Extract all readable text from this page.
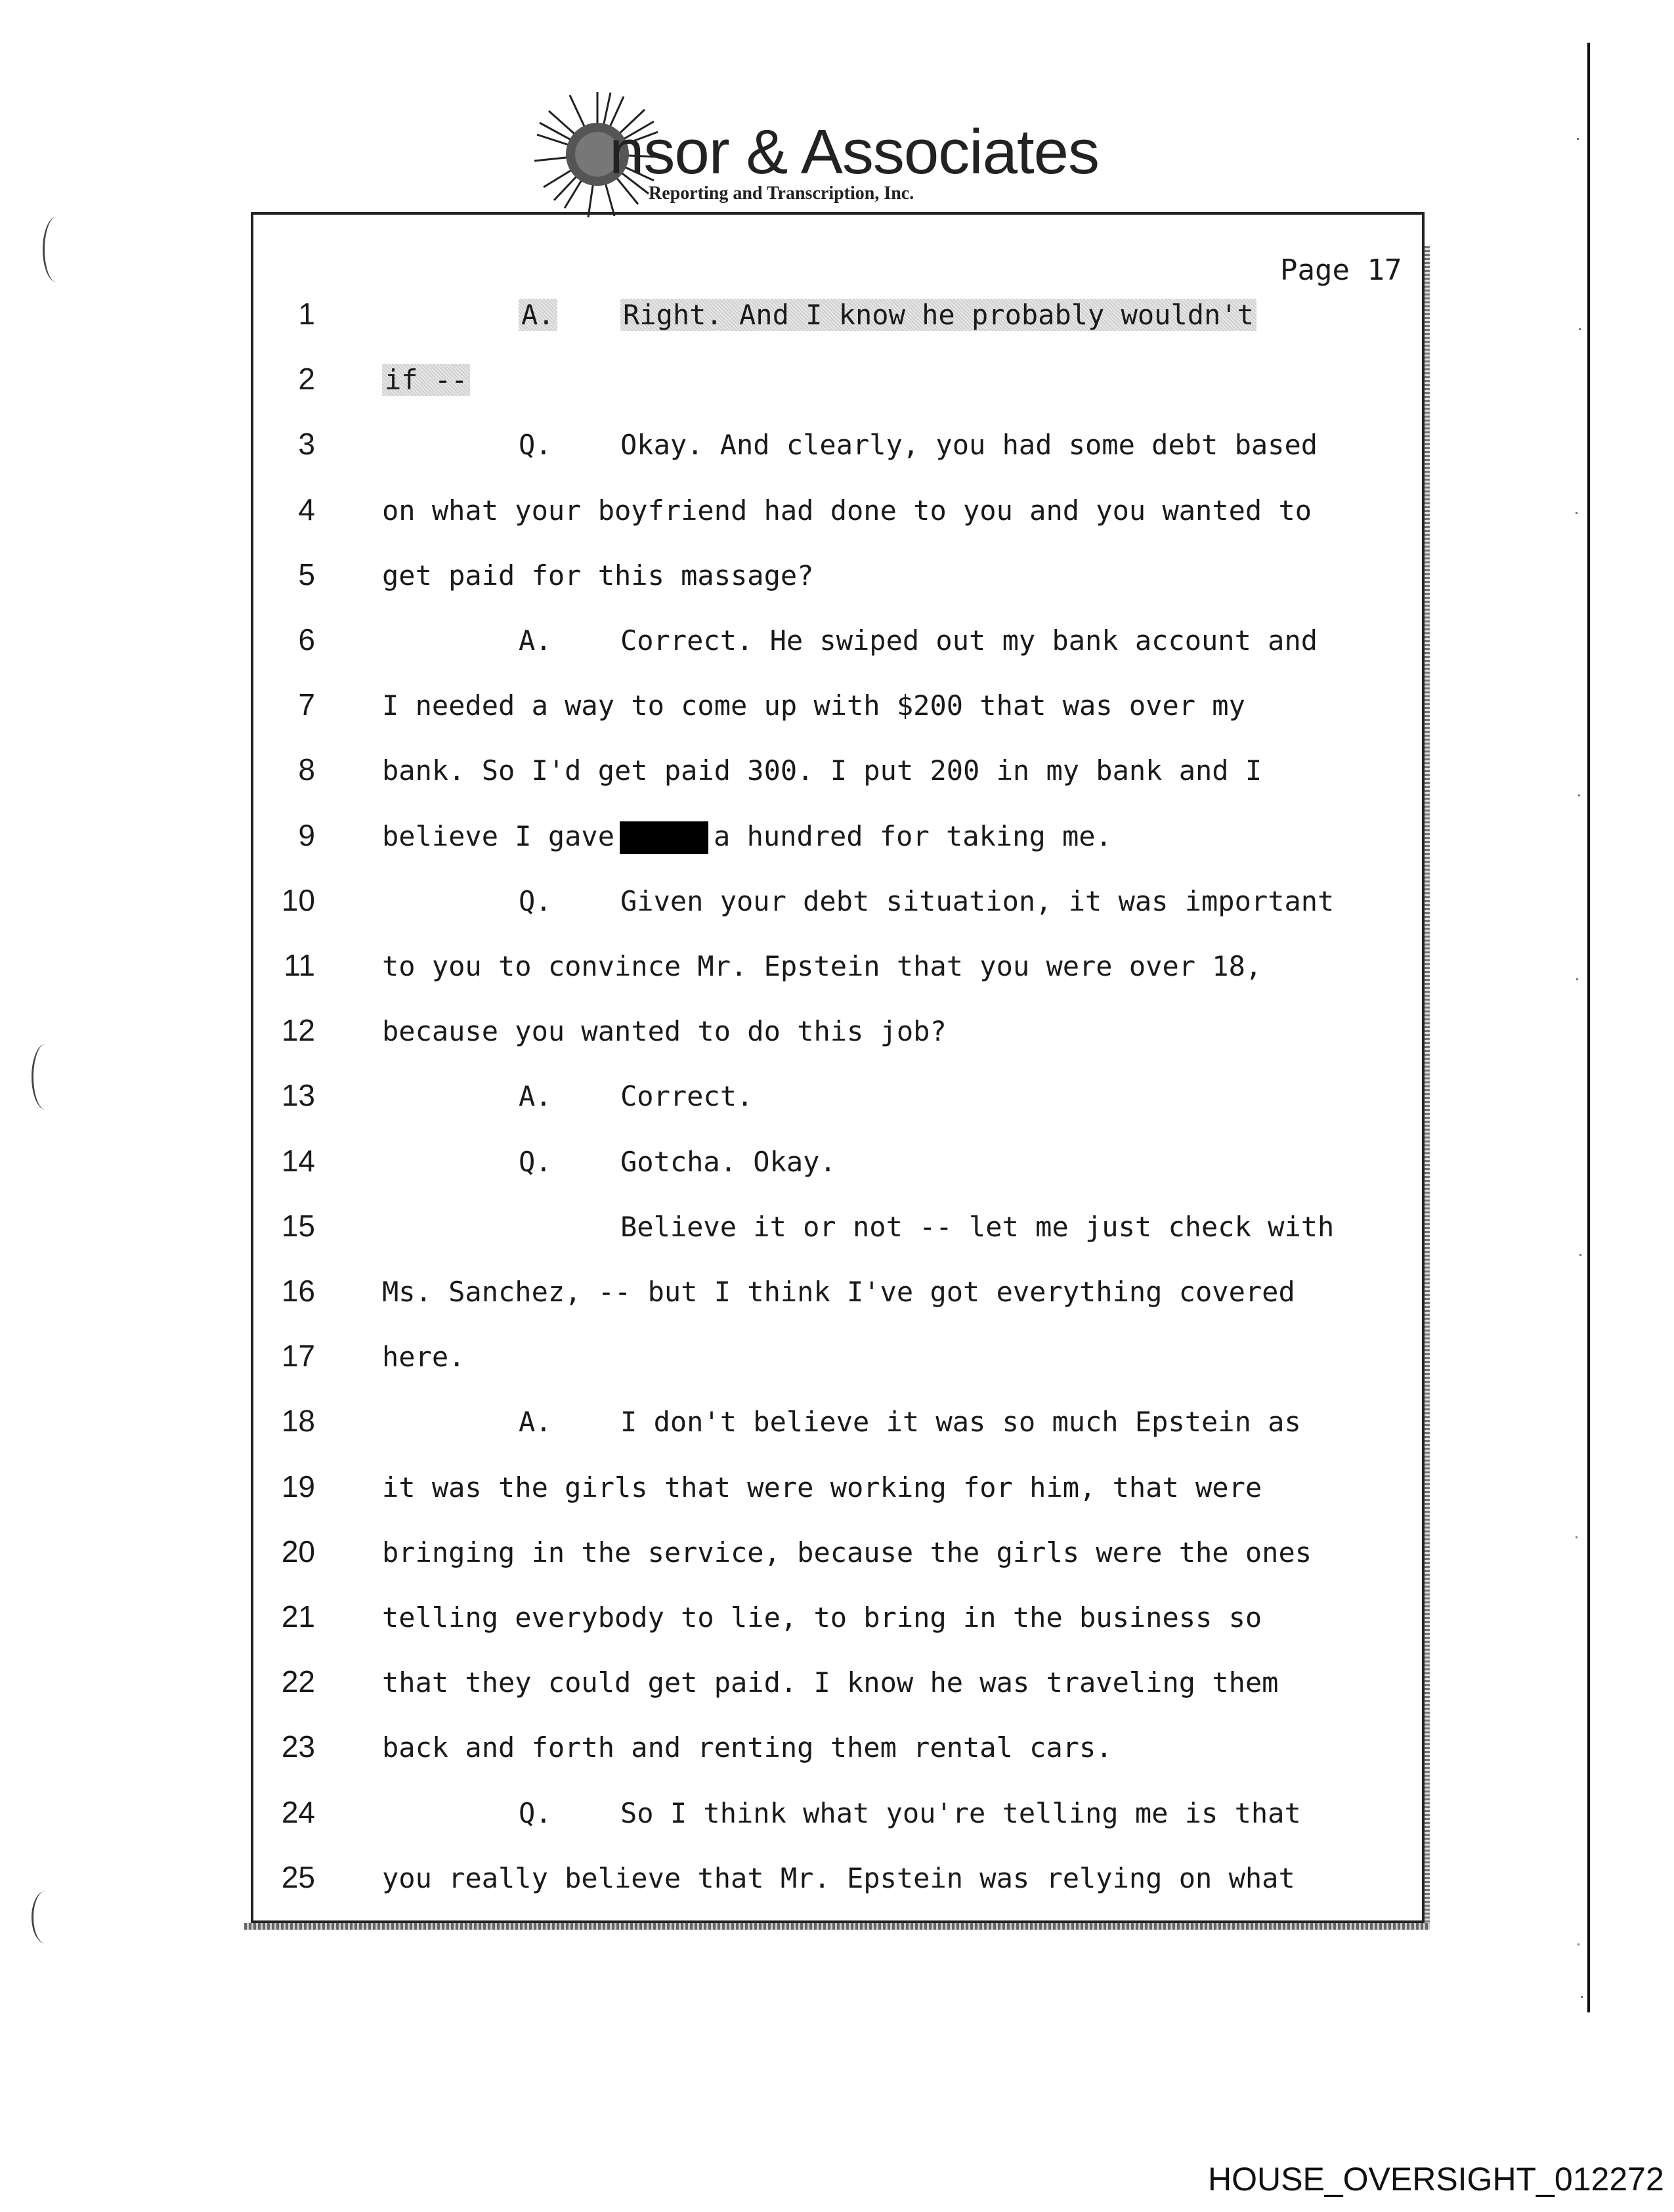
nsor & Associates
Reporting and Transcription, Inc.
Page 17
1	A. Right. And I know he probably wouldn't
2	if --
3	Q. Okay. And clearly, you had some debt based
4 on what your boyfriend had done to you and you wanted to
5 get paid for this massage?
6	A. Correct. He swiped out my bank account and
7 I needed a way to come up with $200 that was over my
8 bank. So I'd get paid 300. I put 200 in my bank and I
9 believe I gave	a hundred for taking me.
10	Q. Given your debt situation, it was important
11 to you to convince Mr. Epstein that you were over 18,
12 because you wanted to do this job?
13	A. Correct.
14	Q. Gotcha. Okay.
15	Believe it or not -- let me just check with
16 Ms. Sanchez, -- but I think I've got everything covered
17 here.
18	A. I don't believe it was so much Epstein as
19 it was the girls that were working for him, that were
20 bringing in the service, because the girls were the ones
21 telling everybody to lie, to bring in the business so
22 that they could get paid. I know he was traveling them
23 back and forth and renting them rental cars.
24	Q. So I think what you're telling me is that
25 you really believe that Mr. Epstein was relying on what
HOUSE_OVERSIGHT_012272
